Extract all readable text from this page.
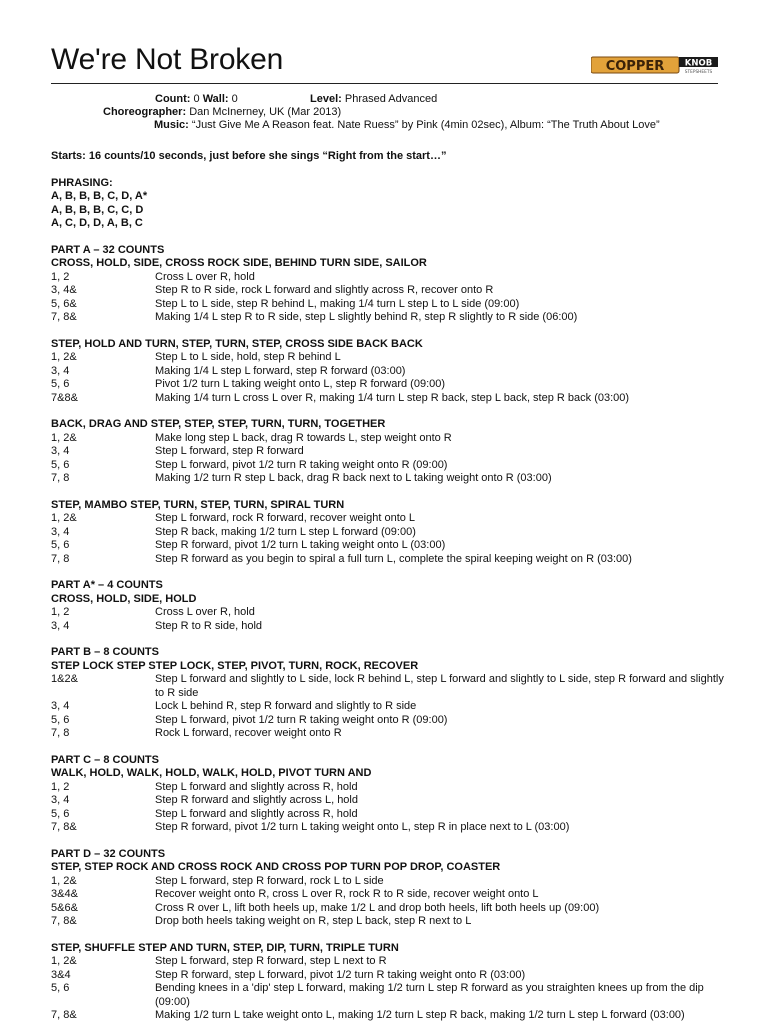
We're Not Broken	COPPER KNOB
STEPSHEETS
Count: 0 Wall: 0	Level: Phrased Advanced
Choreographer: Dan McInerney, UK (Mar 2013)
Music: “Just Give Me A Reason feat. Nate Ruess” by Pink (4min 02sec), Album: “The Truth About Love”
Starts: 16 counts/10 seconds, just before she sings “Right from the start…”
PHRASING:
A, B, B, B, C, D, A*
A, B, B, B, C, C, D
A, C, D, D, A, B, C
PART A – 32 COUNTS
CROSS, HOLD, SIDE, CROSS ROCK SIDE, BEHIND TURN SIDE, SAILOR
1, 2	Cross L over R, hold
3, 4&	Step R to R side, rock L forward and slightly across R, recover onto R
5, 6&	Step L to L side, step R behind L, making 1/4 turn L step L to L side (09:00)
7, 8&	Making 1/4 L step R to R side, step L slightly behind R, step R slightly to R side (06:00)
STEP, HOLD AND TURN, STEP, TURN, STEP, CROSS SIDE BACK BACK
1, 2&	Step L to L side, hold, step R behind L
3, 4	Making 1/4 L step L forward, step R forward (03:00)
5, 6	Pivot 1/2 turn L taking weight onto L, step R forward (09:00)
7&8&	Making 1/4 turn L cross L over R, making 1/4 turn L step R back, step L back, step R back (03:00)
BACK, DRAG AND STEP, STEP, STEP, TURN, TURN, TOGETHER
1, 2&	Make long step L back, drag R towards L, step weight onto R
3, 4	Step L forward, step R forward
5, 6	Step L forward, pivot 1/2 turn R taking weight onto R (09:00)
7, 8	Making 1/2 turn R step L back, drag R back next to L taking weight onto R (03:00)
STEP, MAMBO STEP, TURN, STEP, TURN, SPIRAL TURN
1, 2&	Step L forward, rock R forward, recover weight onto L
3, 4	Step R back, making 1/2 turn L step L forward (09:00)
5, 6	Step R forward, pivot 1/2 turn L taking weight onto L (03:00)
7, 8	Step R forward as you begin to spiral a full turn L, complete the spiral keeping weight on R (03:00)
PART A* – 4 COUNTS
CROSS, HOLD, SIDE, HOLD
1, 2	Cross L over R, hold
3, 4	Step R to R side, hold
PART B – 8 COUNTS
STEP LOCK STEP STEP LOCK, STEP, PIVOT, TURN, ROCK, RECOVER
1&2&	Step L forward and slightly to L side, lock R behind L, step L forward and slightly to L side, step R forward and slightly to R side
3, 4	Lock L behind R, step R forward and slightly to R side
5, 6	Step L forward, pivot 1/2 turn R taking weight onto R (09:00)
7, 8	Rock L forward, recover weight onto R
PART C – 8 COUNTS
WALK, HOLD, WALK, HOLD, WALK, HOLD, PIVOT TURN AND
1, 2	Step L forward and slightly across R, hold
3, 4	Step R forward and slightly across L, hold
5, 6	Step L forward and slightly across R, hold
7, 8&	Step R forward, pivot 1/2 turn L taking weight onto L, step R in place next to L (03:00)
PART D – 32 COUNTS
STEP, STEP ROCK AND CROSS ROCK AND CROSS POP TURN POP DROP, COASTER
1, 2&	Step L forward, step R forward, rock L to L side
3&4&	Recover weight onto R, cross L over R, rock R to R side, recover weight onto L
5&6&	Cross R over L, lift both heels up, make 1/2 L and drop both heels, lift both heels up (09:00)
7, 8&	Drop both heels taking weight on R, step L back, step R next to L
STEP, SHUFFLE STEP AND TURN, STEP, DIP, TURN, TRIPLE TURN
1, 2&	Step L forward, step R forward, step L next to R
3&4	Step R forward, step L forward, pivot 1/2 turn R taking weight onto R (03:00)
5, 6	Bending knees in a 'dip' step L forward, making 1/2 turn L step R forward as you straighten knees up from the dip (09:00)
7, 8&	Making 1/2 turn L take weight onto L, making 1/2 turn L step R back, making 1/2 turn L step L forward (03:00)
